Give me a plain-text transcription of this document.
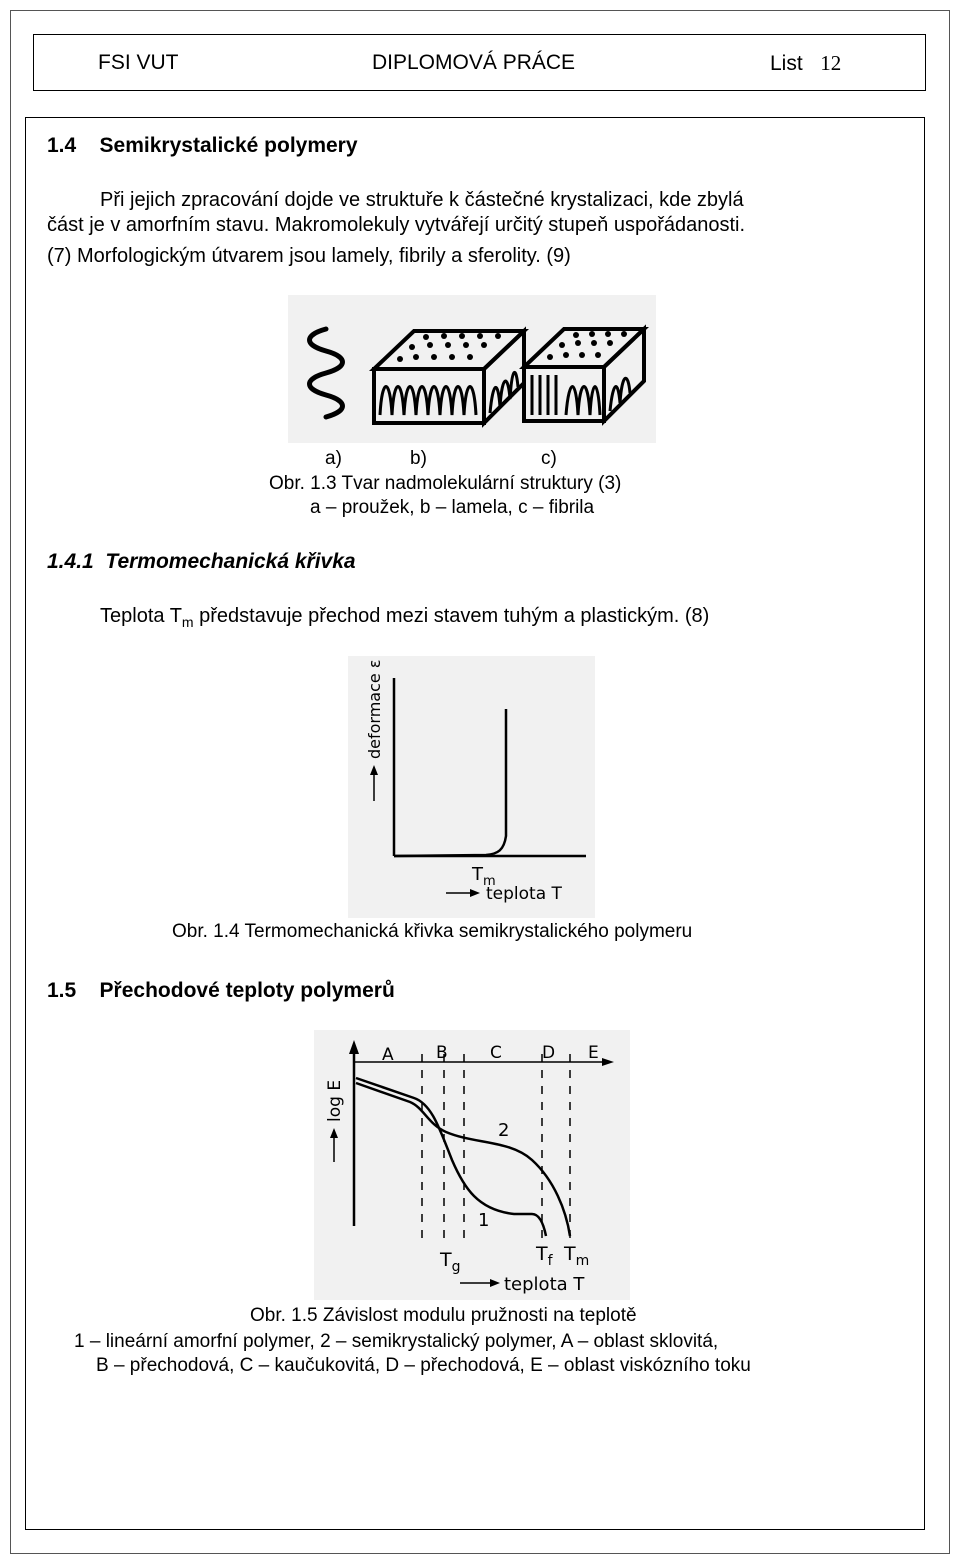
FSI VUT	DIPLOMOVÁ PRÁCE	List 12
1.4 Semikrystalické polymery
Při jejich zpracování dojde ve struktuře k částečné krystalizaci, kde zbylá
část je v amorfním stavu. Makromolekuly vytvářejí určitý stupeň uspořádanosti.
(7) Morfologickým útvarem jsou lamely, fibrily a sferolity. (9)
a)	b)	c)
Obr. 1.3 Tvar nadmolekulární struktury (3)
a – proužek, b – lamela, c – fibrila
1.4.1 Termomechanická křivka
Teplota $T_m$ představuje přechod mezi stavem tuhým a plastickým. (8)
deformace ε
$T_m$
teplota T
Obr. 1.4 Termomechanická křivka semikrystalického polymeru
1.5 Přechodové teploty polymerů
A B C D E
2
1
log E
$T_g$
$T_f$ $T_m$
teplota T
Obr. 1.5 Závislost modulu pružnosti na teplotě
1 – lineární amorfní polymer, 2 – semikrystalický polymer, A – oblast sklovitá,
B – přechodová, C – kaučukovitá, D – přechodová, E – oblast viskózního toku
